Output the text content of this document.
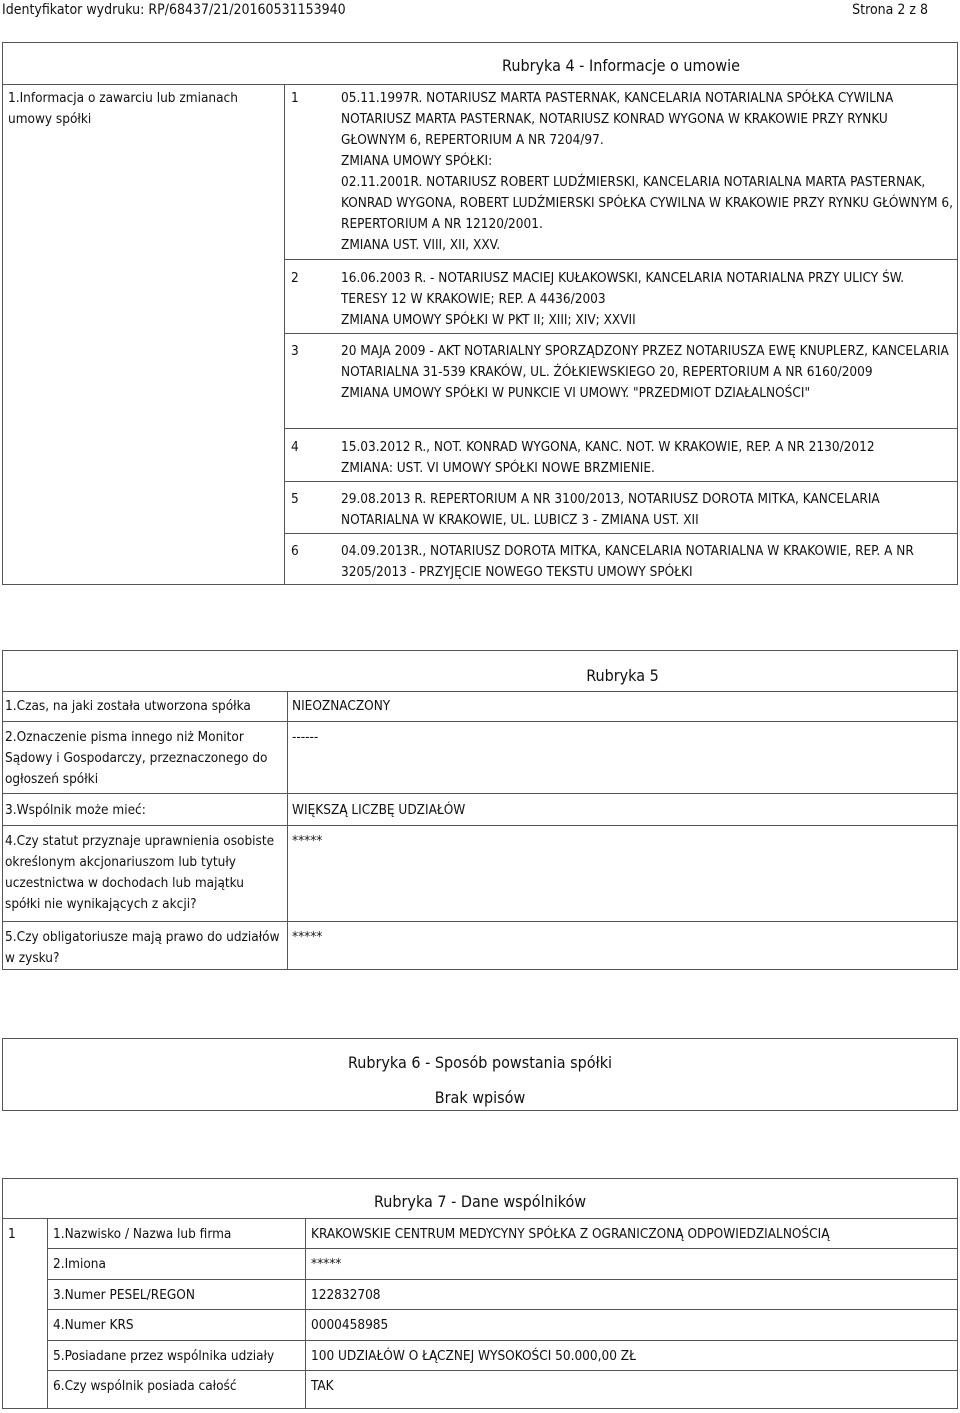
Identyfikator wydruku: RP/68437/21/20160531153940	Strona 2 z 8
Rubryka 4 - Informacje o umowie
1.Informacja o zawarciu lub zmianach umowy spółki
1	05.11.1997R. NOTARIUSZ MARTA PASTERNAK, KANCELARIA NOTARIALNA SPÓŁKA CYWILNA NOTARIUSZ MARTA PASTERNAK, NOTARIUSZ KONRAD WYGONA W KRAKOWIE PRZY RYNKU GŁOWNYM 6, REPERTORIUM A NR 7204/97.
ZMIANA UMOWY SPÓŁKI:
02.11.2001R. NOTARIUSZ ROBERT LUDŹMIERSKI, KANCELARIA NOTARIALNA MARTA PASTERNAK, KONRAD WYGONA, ROBERT LUDŹMIERSKI SPÓŁKA CYWILNA W KRAKOWIE PRZY RYNKU GŁÓWNYM 6, REPERTORIUM A NR 12120/2001.
ZMIANA UST. VIII, XII, XXV.
2	16.06.2003 R. - NOTARIUSZ MACIEJ KUŁAKOWSKI, KANCELARIA NOTARIALNA PRZY ULICY ŚW. TERESY 12 W KRAKOWIE; REP. A 4436/2003
ZMIANA UMOWY SPÓŁKI W PKT II; XIII; XIV; XXVII
3	20 MAJA 2009 - AKT NOTARIALNY SPORZĄDZONY PRZEZ NOTARIUSZA EWĘ KNUPLERZ, KANCELARIA NOTARIALNA 31-539 KRAKÓW, UL. ŻÓŁKIEWSKIEGO 20, REPERTORIUM A NR 6160/2009
ZMIANA UMOWY SPÓŁKI W PUNKCIE VI UMOWY. "PRZEDMIOT DZIAŁALNOŚCI"
4	15.03.2012 R., NOT. KONRAD WYGONA, KANC. NOT. W KRAKOWIE, REP. A NR 2130/2012
ZMIANA: UST. VI UMOWY SPÓŁKI NOWE BRZMIENIE.
5	29.08.2013 R. REPERTORIUM A NR 3100/2013, NOTARIUSZ DOROTA MITKA, KANCELARIA NOTARIALNA W KRAKOWIE, UL. LUBICZ 3 - ZMIANA UST. XII
6	04.09.2013R., NOTARIUSZ DOROTA MITKA, KANCELARIA NOTARIALNA W KRAKOWIE, REP. A NR 3205/2013 - PRZYJĘCIE NOWEGO TEKSTU UMOWY SPÓŁKI
Rubryka 5
1.Czas, na jaki została utworzona spółka	NIEOZNACZONY
2.Oznaczenie pisma innego niż Monitor Sądowy i Gospodarczy, przeznaczonego do ogłoszeń spółki
------
3.Wspólnik może mieć:	WIĘKSZĄ LICZBĘ UDZIAŁÓW
4.Czy statut przyznaje uprawnienia osobiste określonym akcjonariuszom lub tytuły uczestnictwa w dochodach lub majątku spółki nie wynikających z akcji?
*****
5.Czy obligatoriusze mają prawo do udziałów w zysku?
*****
Rubryka 6 - Sposób powstania spółki
Brak wpisów
Rubryka 7 - Dane wspólników
1	1.Nazwisko / Nazwa lub firma	KRAKOWSKIE CENTRUM MEDYCYNY SPÓŁKA Z OGRANICZONĄ ODPOWIEDZIALNOŚCIĄ
2.Imiona	*****
3.Numer PESEL/REGON	122832708
4.Numer KRS	0000458985
5.Posiadane przez wspólnika udziały	100 UDZIAŁÓW O ŁĄCZNEJ WYSOKOŚCI 50.000,00 ZŁ
6.Czy wspólnik posiada całość	TAK
